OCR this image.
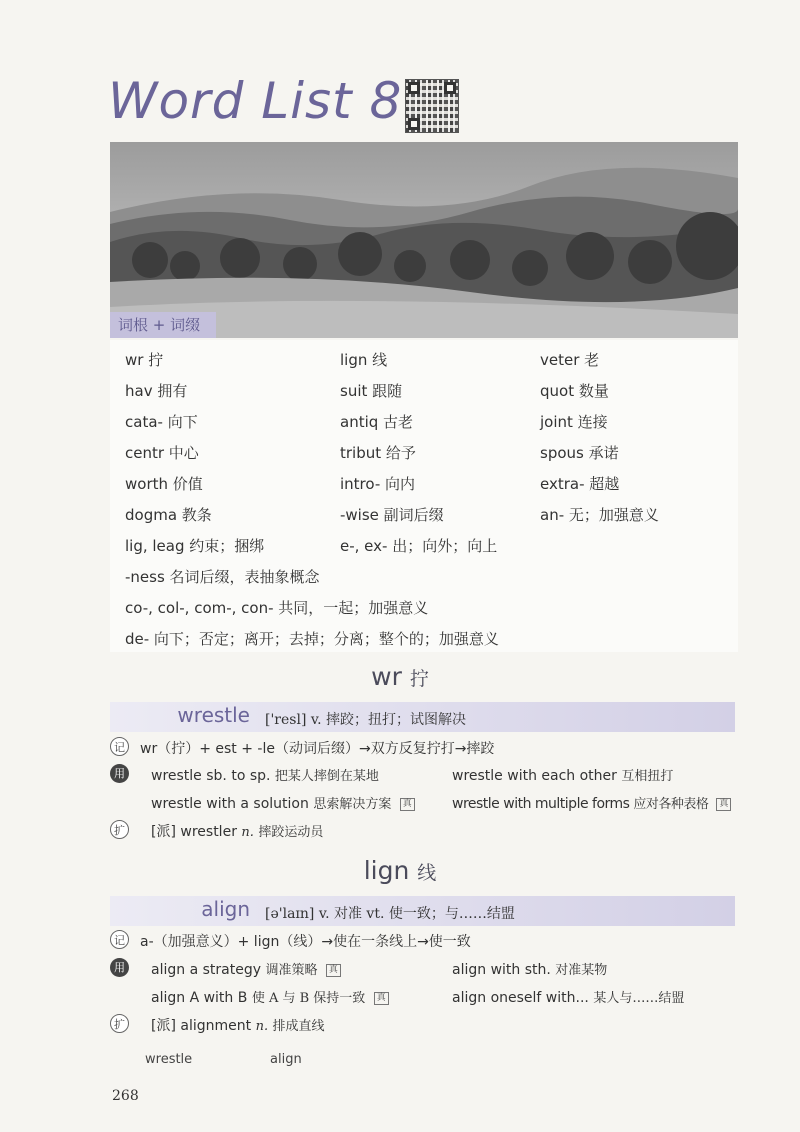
Word List 8
词根 + 词缀
wr 拧	lign 线	veter 老
hav 拥有	suit 跟随	quot 数量
cata- 向下	antiq 古老	joint 连接
centr 中心	tribut 给予	spous 承诺
worth 价值	intro- 向内	extra- 超越
dogma 教条	-wise 副词后缀	an- 无；加强意义
lig, leag 约束；捆绑	e-, ex- 出；向外；向上
-ness 名词后缀，表抽象概念
co-, col-, com-, con- 共同，一起；加强意义
de- 向下；否定；离开；去掉；分离；整个的；加强意义
wr 拧
wrestle ['resl] v. 摔跤；扭打；试图解决
记 wr（拧）+ est + -le（动词后缀）→双方反复拧打→摔跤
用 wrestle sb. to sp. 把某人摔倒在某地	wrestle with each other 互相扭打
wrestle with a solution 思索解决方案 真	wrestle with multiple forms 应对各种表格 真
扩 [派] wrestler n. 摔跤运动员
lign 线
align [ə'laɪn] v. 对准 vt. 使一致；与……结盟
记 a-（加强意义）+ lign（线）→使在一条线上→使一致
用 align a strategy 调准策略 真	align with sth. 对准某物
align A with B 使 A 与 B 保持一致 真	align oneself with... 某人与……结盟
扩 [派] alignment n. 排成直线
wrestle	align
268
